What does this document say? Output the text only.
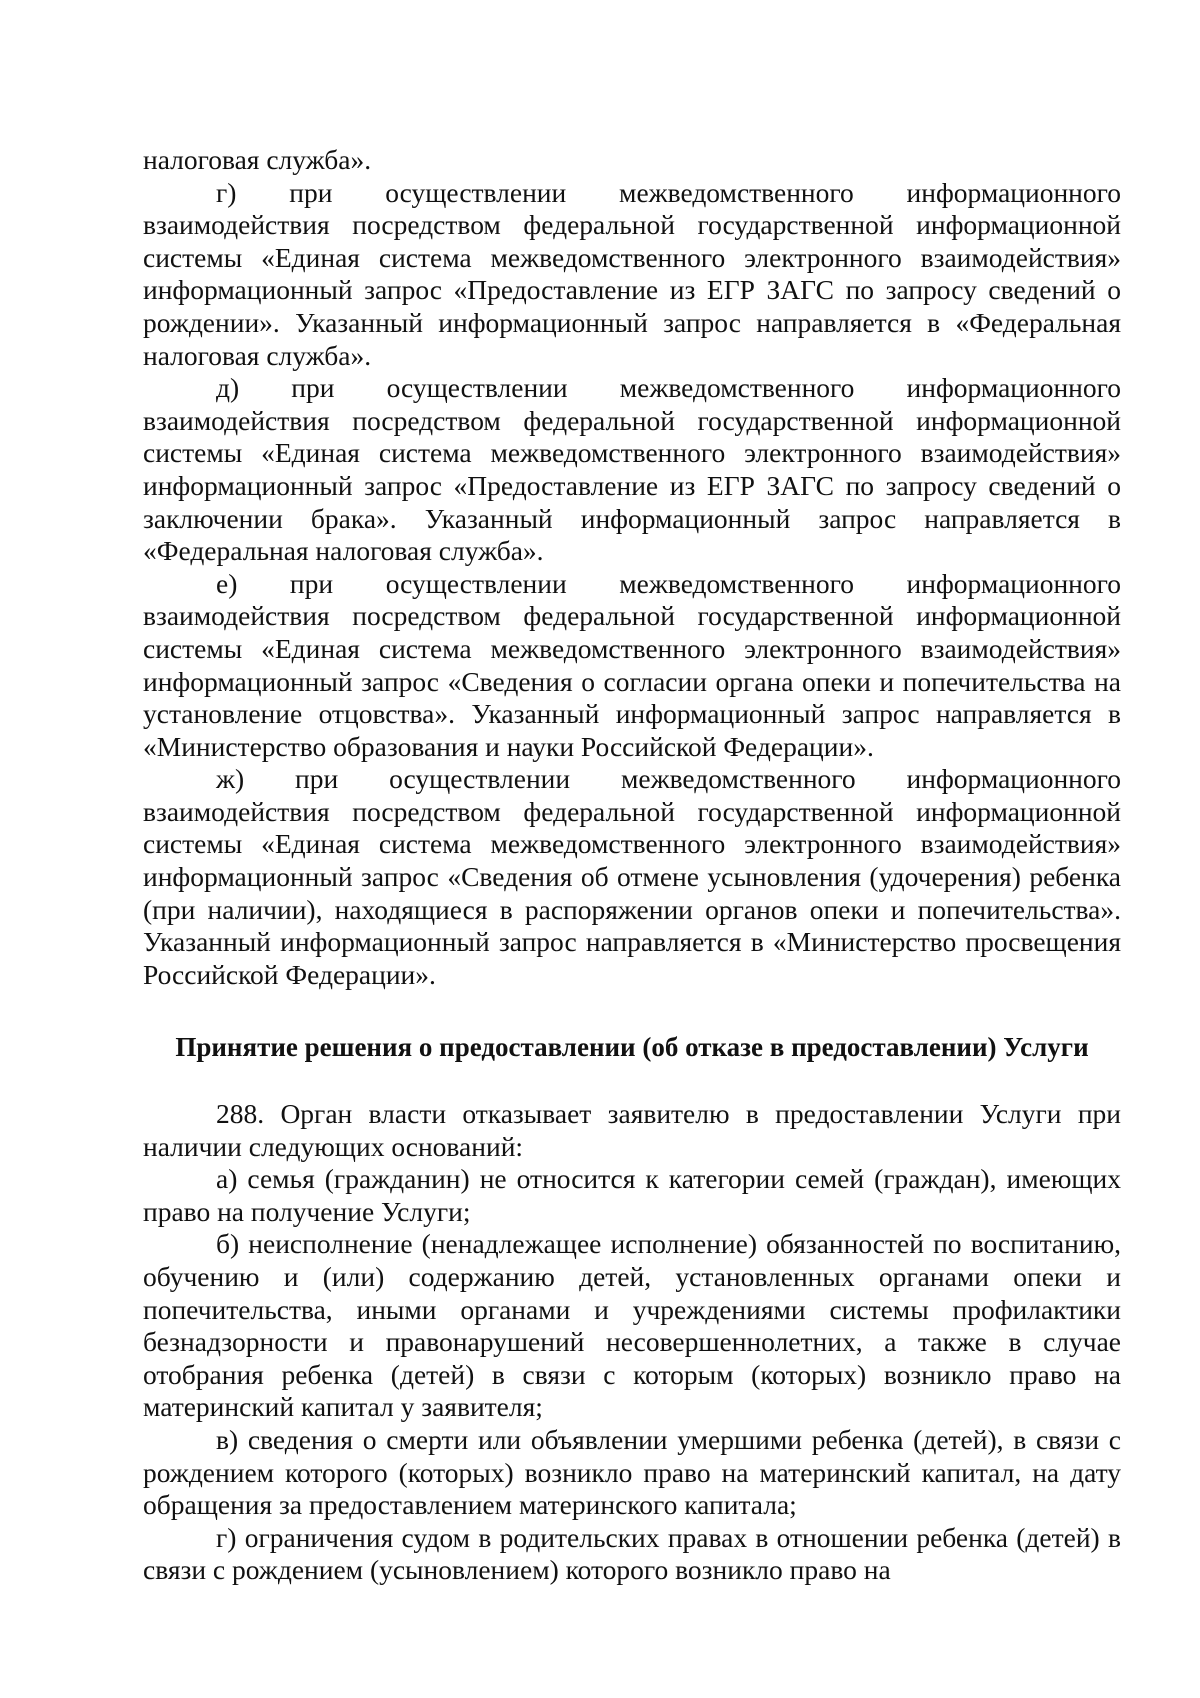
налоговая служба».

г) при осуществлении межведомственного информационного взаимодействия посредством федеральной государственной информационной системы «Единая система межведомственного электронного взаимодействия» информационный запрос «Предоставление из ЕГР ЗАГС по запросу сведений о рождении». Указанный информационный запрос направляется в «Федеральная налоговая служба».

д) при осуществлении межведомственного информационного взаимодействия посредством федеральной государственной информационной системы «Единая система межведомственного электронного взаимодействия» информационный запрос «Предоставление из ЕГР ЗАГС по запросу сведений о заключении брака». Указанный информационный запрос направляется в «Федеральная налоговая служба».

е) при осуществлении межведомственного информационного взаимодействия посредством федеральной государственной информационной системы «Единая система межведомственного электронного взаимодействия» информационный запрос «Сведения о согласии органа опеки и попечительства на установление отцовства». Указанный информационный запрос направляется в «Министерство образования и науки Российской Федерации».

ж) при осуществлении межведомственного информационного взаимодействия посредством федеральной государственной информационной системы «Единая система межведомственного электронного взаимодействия» информационный запрос «Сведения об отмене усыновления (удочерения) ребенка (при наличии), находящиеся в распоряжении органов опеки и попечительства». Указанный информационный запрос направляется в «Министерство просвещения Российской Федерации».

Принятие решения о предоставлении (об отказе в предоставлении) Услуги

288. Орган власти отказывает заявителю в предоставлении Услуги при наличии следующих оснований:

а) семья (гражданин) не относится к категории семей (граждан), имеющих право на получение Услуги;

б) неисполнение (ненадлежащее исполнение) обязанностей по воспитанию, обучению и (или) содержанию детей, установленных органами опеки и попечительства, иными органами и учреждениями системы профилактики безнадзорности и правонарушений несовершеннолетних, а также в случае отобрания ребенка (детей) в связи с которым (которых) возникло право на материнский капитал у заявителя;

в) сведения о смерти или объявлении умершими ребенка (детей), в связи с рождением которого (которых) возникло право на материнский капитал, на дату обращения за предоставлением материнского капитала;

г) ограничения судом в родительских правах в отношении ребенка (детей) в связи с рождением (усыновлением) которого возникло право на
